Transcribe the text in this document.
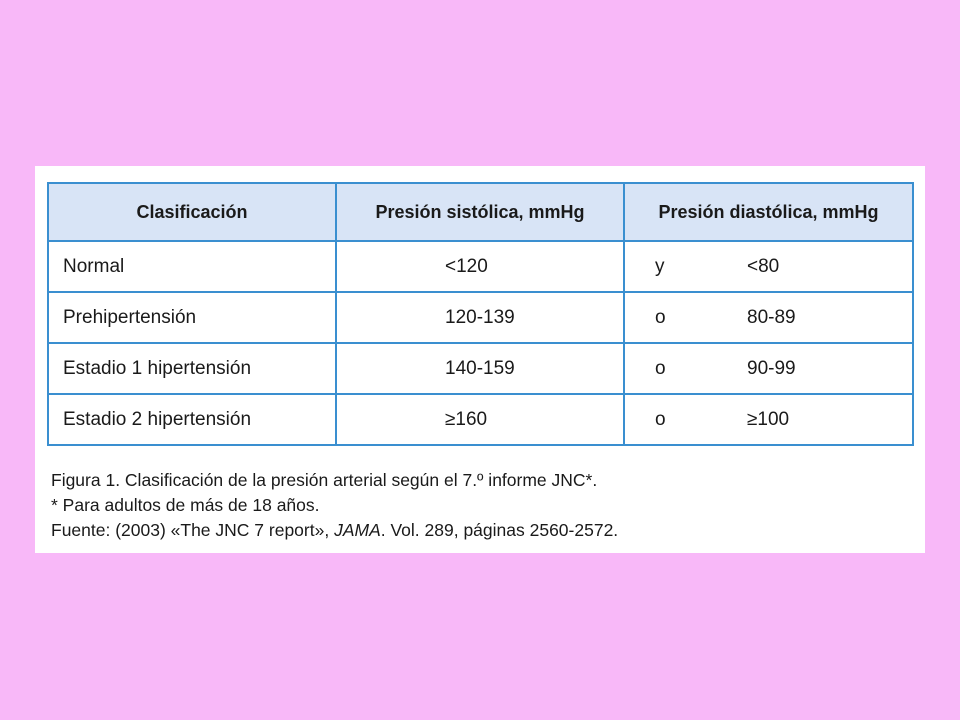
Clasificación	Presión sistólica, mmHg	Presión diastólica, mmHg
Normal	<120	y <80
Prehipertensión	120-139	o 80-89
Estadio 1 hipertensión	140-159	o 90-99
Estadio 2 hipertensión	≥160	o ≥100

Figura 1. Clasificación de la presión arterial según el 7.º informe JNC*.

* Para adultos de más de 18 años.

Fuente: (2003) «The JNC 7 report», JAMA. Vol. 289, páginas 2560-2572.
